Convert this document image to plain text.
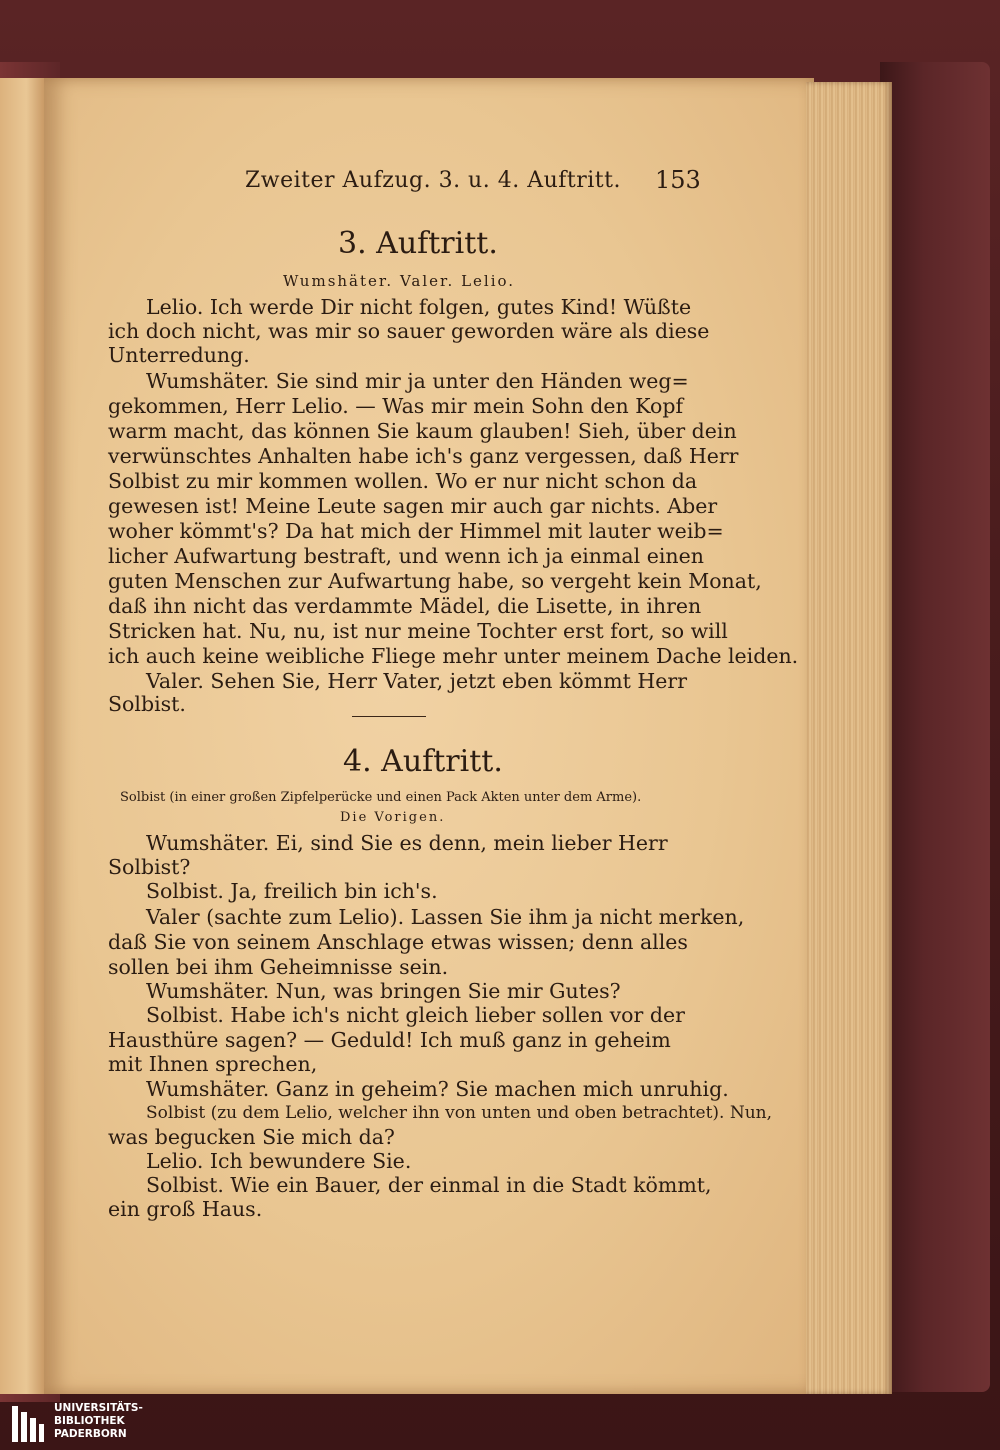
Zweiter Aufzug. 3. u. 4. Auftritt. 153
3. Auftritt.
Wumshäter. Valer. Lelio.
Lelio. Ich werde Dir nicht folgen, gutes Kind! Wüßte
ich doch nicht, was mir so sauer geworden wäre als diese
Unterredung.
Wumshäter. Sie sind mir ja unter den Händen weg=
gekommen, Herr Lelio. — Was mir mein Sohn den Kopf
warm macht, das können Sie kaum glauben! Sieh, über dein
verwünschtes Anhalten habe ich's ganz vergessen, daß Herr
Solbist zu mir kommen wollen. Wo er nur nicht schon da
gewesen ist! Meine Leute sagen mir auch gar nichts. Aber
woher kömmt's? Da hat mich der Himmel mit lauter weib=
licher Aufwartung bestraft, und wenn ich ja einmal einen
guten Menschen zur Aufwartung habe, so vergeht kein Monat,
daß ihn nicht das verdammte Mädel, die Lisette, in ihren
Stricken hat. Nu, nu, ist nur meine Tochter erst fort, so will
ich auch keine weibliche Fliege mehr unter meinem Dache leiden.
Valer. Sehen Sie, Herr Vater, jetzt eben kömmt Herr
Solbist.
4. Auftritt.
Solbist (in einer großen Zipfelperücke und einen Pack Akten unter dem Arme).
Die Vorigen.
Wumshäter. Ei, sind Sie es denn, mein lieber Herr
Solbist?
Solbist. Ja, freilich bin ich's.
Valer (sachte zum Lelio). Lassen Sie ihm ja nicht merken,
daß Sie von seinem Anschlage etwas wissen; denn alles
sollen bei ihm Geheimnisse sein.
Wumshäter. Nun, was bringen Sie mir Gutes?
Solbist. Habe ich's nicht gleich lieber sollen vor der
Hausthüre sagen? — Geduld! Ich muß ganz in geheim
mit Ihnen sprechen,
Wumshäter. Ganz in geheim? Sie machen mich unruhig.
Solbist (zu dem Lelio, welcher ihn von unten und oben betrachtet). Nun,
was begucken Sie mich da?
Lelio. Ich bewundere Sie.
Solbist. Wie ein Bauer, der einmal in die Stadt kömmt,
ein groß Haus.
UNIVERSITÄTS-
BIBLIOTHEK
PADERBORN
